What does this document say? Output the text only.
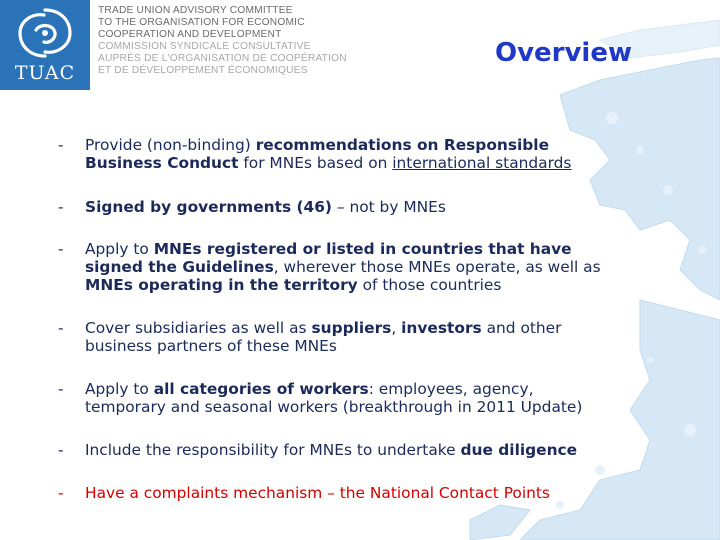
TUAC
TRADE UNION ADVISORY COMMITTEE
TO THE ORGANISATION FOR ECONOMIC
COOPERATION AND DEVELOPMENT
COMMISSION SYNDICALE CONSULTATIVE
AUPRÈS DE L'ORGANISATION DE COOPÉRATION
ET DE DÉVELOPPEMENT ÉCONOMIQUES
Overview
- Provide (non-binding) recommendations on Responsible
Business Conduct for MNEs based on international standards
- Signed by governments (46) – not by MNEs
- Apply to MNEs registered or listed in countries that have
signed the Guidelines, wherever those MNEs operate, as well as
MNEs operating in the territory of those countries
- Cover subsidiaries as well as suppliers, investors and other
business partners of these MNEs
- Apply to all categories of workers: employees, agency,
temporary and seasonal workers (breakthrough in 2011 Update)
- Include the responsibility for MNEs to undertake due diligence
- Have a complaints mechanism – the National Contact Points
